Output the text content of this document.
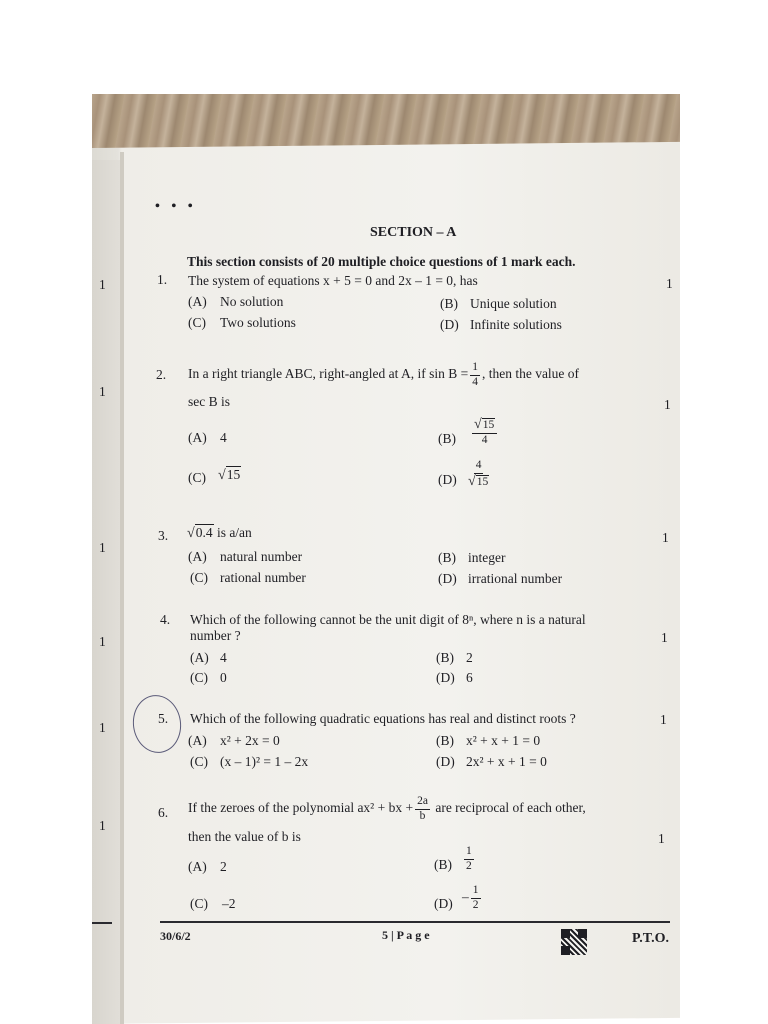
1
1
1
1
1
1
• • •
SECTION – A
This section consists of 20 multiple choice questions of 1 mark each.
1. The system of equations x + 5 = 0 and 2x – 1 = 0, has	1
(A) No solution	(B) Unique solution
(C) Two solutions	(D) Infinite solutions
2. In a right triangle ABC, right-angled at A, if $\sin B = \frac{1}{4}$ , then the value of
sec B is	1
(A) 4	$(B) \frac{√15}{4}$
(C) √15	$(D) \frac{4}{√15}$
3. √0.4 is a/an	1
(A) natural number	(B) integer
(C) rational number	(D) irrational number
4. Which of the following cannot be the unit digit of 8ⁿ, where n is a natural
number ?	1
(A) 4	(B) 2
(C) 0	(D) 6
5. Which of the following quadratic equations has real and distinct roots ?	1
(A) x² + 2x = 0	(B) x² + x + 1 = 0
(C) (x – 1)² = 1 – 2x	(D) 2x² + x + 1 = 0
6. If the zeroes of the polynomial ax² + bx + $\frac{2a}{b}$ are reciprocal of each other,
then the value of b is	1
(A) 2	$(B) \frac{1}{2}$
(C) –2	$(D) - \frac{1}{2}$
30/6/2	5 | P a g e	P.T.O.
